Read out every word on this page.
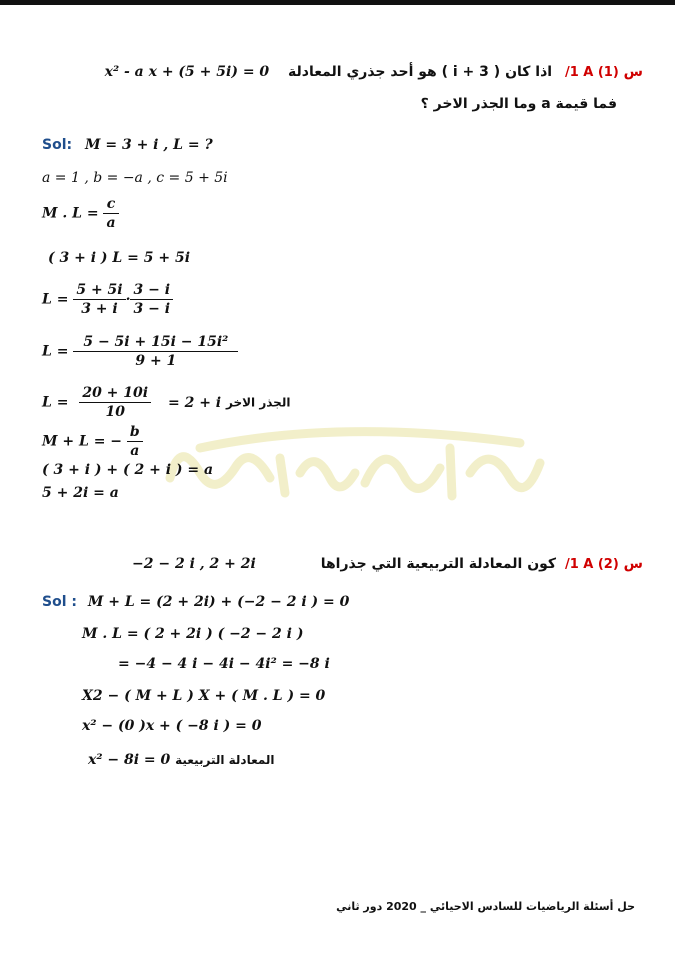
x² - a x + (5 + 5i) = 0 اذا كان ( 3 + i ) هو أحد جذري المعادلة /1 A (1) س
فما قيمة a وما الجذر الاخر ؟
Sol: M = 3 + i , L = ?
a = 1 , b = −a , c = 5 + 5i
M . $L = \frac{c}{a}$
( 3 + i ) L = 5 + 5i
$L = \frac{5 + 5i}{3 + i} \cdot \frac{3 - i}{3 - i}$
$L = \frac{\text{5 − 5i + 15i − 15i²}}{9 + 1}$
$L = \frac{20 + 10i}{10} = 2 + i$ الجذر الاخر
M + L = − $\frac{b}{a}$
( 3 + i ) + ( 2 + i ) = a
5 + 2i = a
−2 − 2 i , 2 + 2i	كون المعادلة التربيعية التي جذراها /1 A (2) س
Sol : M + L = (2 + 2i) + (−2 − 2 i ) = 0
M . L = ( 2 + 2i ) ( −2 − 2 i )
= −4 − 4 i − 4i − 4i² = −8 i
X2 − ( M + L ) X + ( M . L ) = 0
x² − (0 )x + ( −8 i ) = 0
x² − 8i = 0 المعادلة التربيعية
حل أسئلة الرياضيات للسادس الاحيائي _ 2020 دور ثاني
